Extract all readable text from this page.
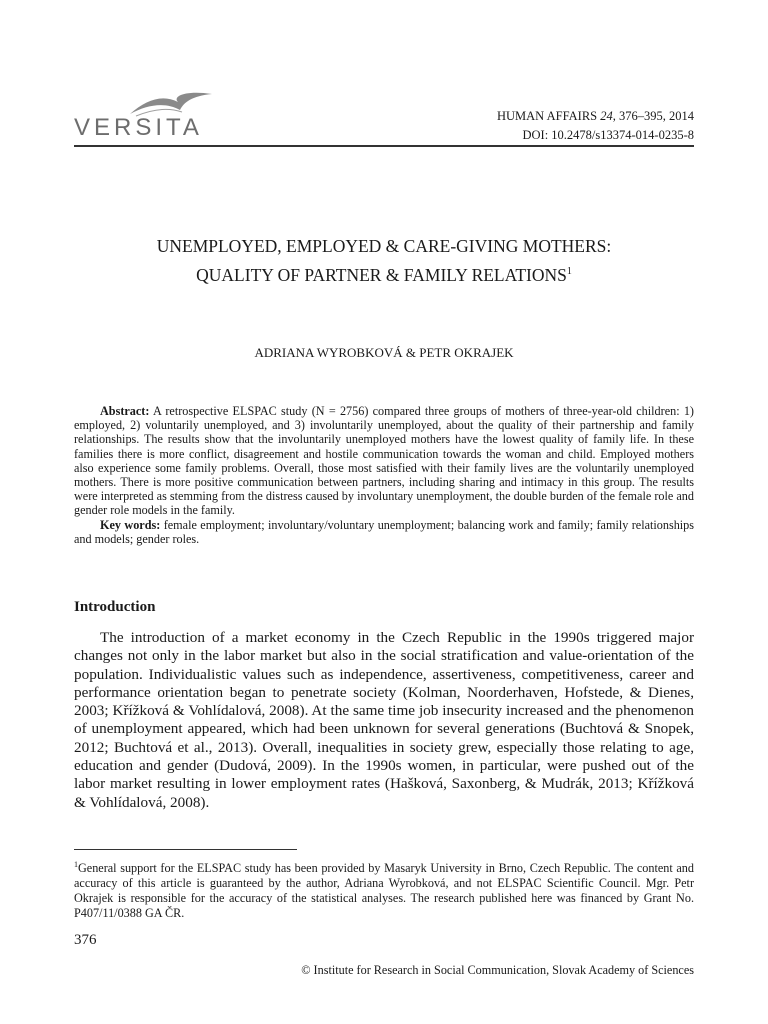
VERSITA	HUMAN AFFAIRS 24, 376–395, 2014
DOI: 10.2478/s13374-014-0235-8
UNEMPLOYED, EMPLOYED & CARE-GIVING MOTHERS:
QUALITY OF PARTNER & FAMILY RELATIONS$^1$
ADRIANA WYROBKOVÁ & PETR OKRAJEK

Abstract: A retrospective ELSPAC study (N = 2756) compared three groups of mothers of three-year-old children: 1) employed, 2) voluntarily unemployed, and 3) involuntarily unemployed, about the quality of their partnership and family relationships. The results show that the involuntarily unemployed mothers have the lowest quality of family life. In these families there is more conflict, disagreement and hostile communication towards the woman and child. Employed mothers also experience some family problems. Overall, those most satisfied with their family lives are the voluntarily unemployed mothers. There is more positive communication between partners, including sharing and intimacy in this group. The results were interpreted as stemming from the distress caused by involuntary unemployment, the double burden of the female role and gender role models in the family.

Key words: female employment; involuntary/voluntary unemployment; balancing work and family; family relationships and models; gender roles.

Introduction

The introduction of a market economy in the Czech Republic in the 1990s triggered major changes not only in the labor market but also in the social stratification and value-orientation of the population. Individualistic values such as independence, assertiveness, competitiveness, career and performance orientation began to penetrate society (Kolman, Noorderhaven, Hofstede, & Dienes, 2003; Křížková & Vohlídalová, 2008). At the same time job insecurity increased and the phenomenon of unemployment appeared, which had been unknown for several generations (Buchtová & Snopek, 2012; Buchtová et al., 2013). Overall, inequalities in society grew, especially those relating to age, education and gender (Dudová, 2009). In the 1990s women, in particular, were pushed out of the labor market resulting in lower employment rates (Hašková, Saxonberg, & Mudrák, 2013; Křížková & Vohlídalová, 2008).

$^1$General support for the ELSPAC study has been provided by Masaryk University in Brno, Czech Republic. The content and accuracy of this article is guaranteed by the author, Adriana Wyrobková, and not ELSPAC Scientific Council. Mgr. Petr Okrajek is responsible for the accuracy of the statistical analyses. The research published here was financed by Grant No. P407/11/0388 GA ČR.

376
© Institute for Research in Social Communication, Slovak Academy of Sciences
